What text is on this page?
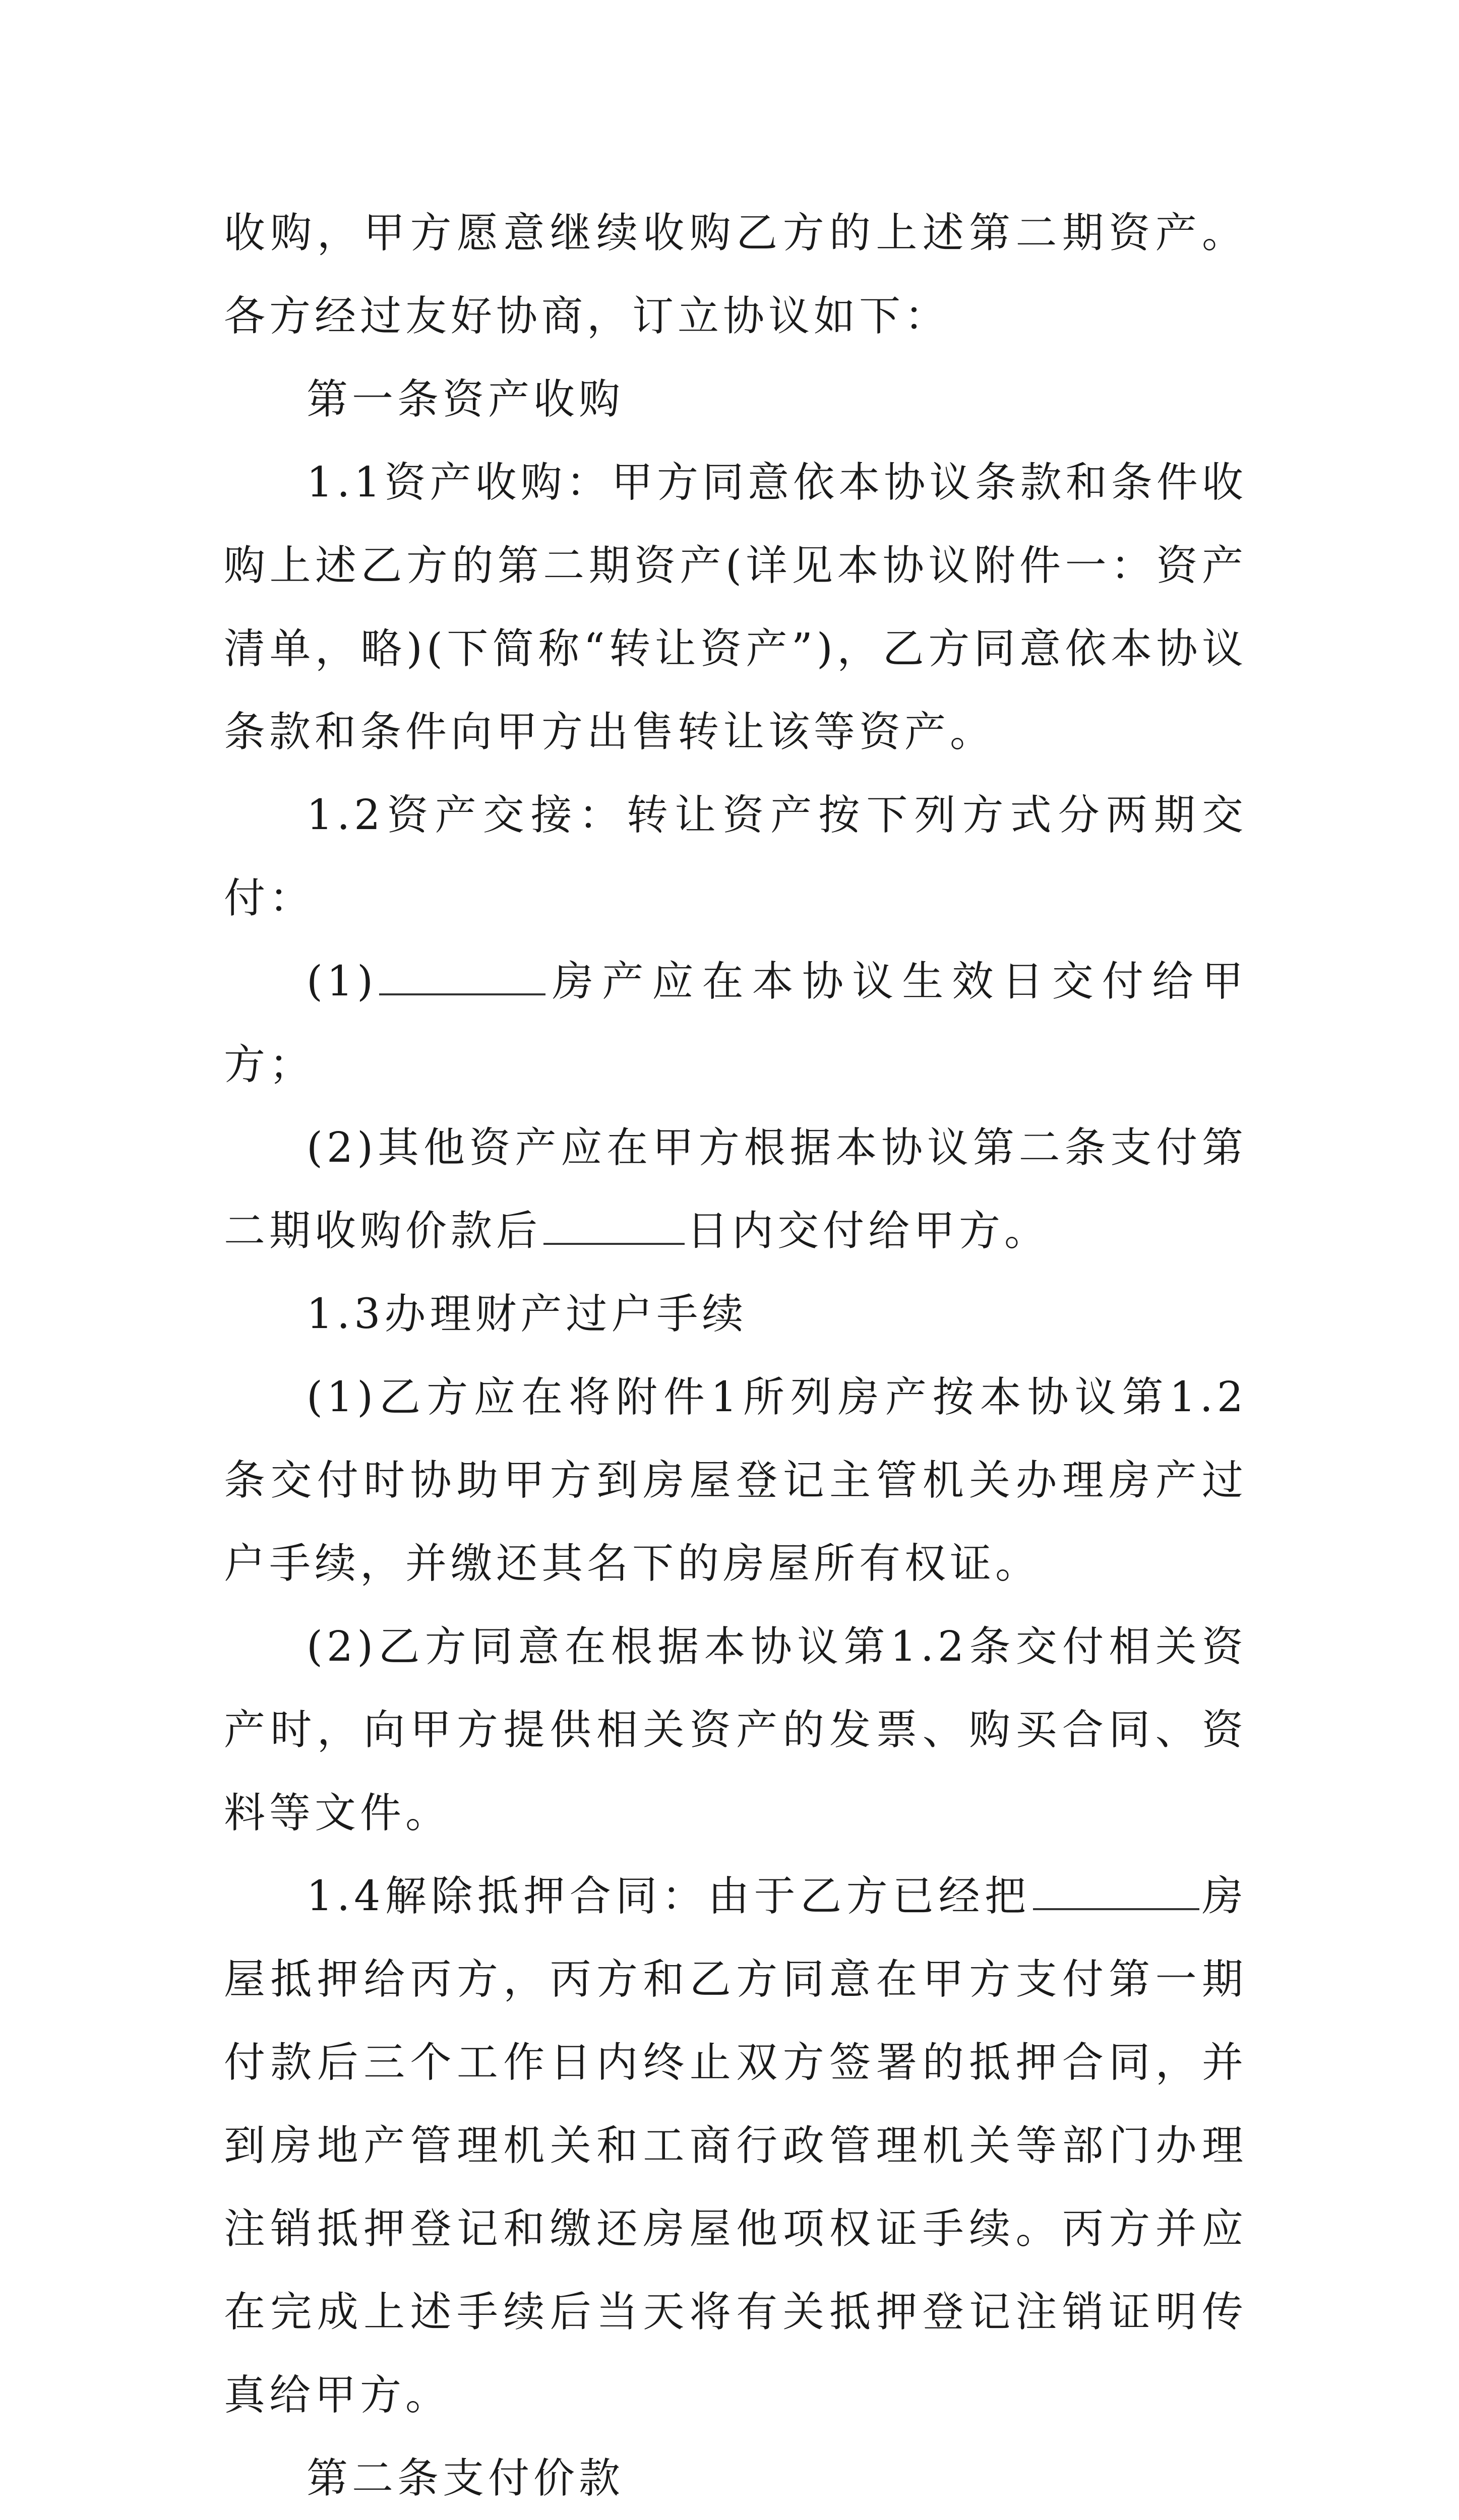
收购，甲方愿意继续收购乙方的上述第二期资产。各方经过友好协商，订立协议如下：

第一条资产收购

1.1资产收购：甲方同意依本协议条款和条件收购上述乙方的第二期资产(详见本协议附件一：资产清单，略)(下简称“转让资产”)，乙方同意依本协议条款和条件向甲方出售转让该等资产。

1.2资产交接：转让资产按下列方式分两期交付：

(1)	房产应在本协议生效日交付给甲方；

(2)其他资产应在甲方根据本协议第二条支付第二期收购价款后	日内交付给甲方。

1.3办理财产过户手续

(1)乙方应在将附件1所列房产按本协议第1.2条交付时协助甲方到房屋登记主管机关办理房产过户手续，并缴还其名下的房屋所有权证。

(2)乙方同意在根据本协议第1.2条交付相关资产时，向甲方提供相关资产的发票、购买合同、资料等文件。

1.4解除抵押合同：由于乙方已经把	房屋抵押给丙方，丙方和乙方同意在甲方支付第一期付款后三个工作日内终止双方签署的抵押合同，并到房地产管理机关和工商行政管理机关等部门办理注销抵押登记和缴还房屋他项权证手续。丙方并应在完成上述手续后当天将有关抵押登记注销证明传真给甲方。

第二条支付价款
